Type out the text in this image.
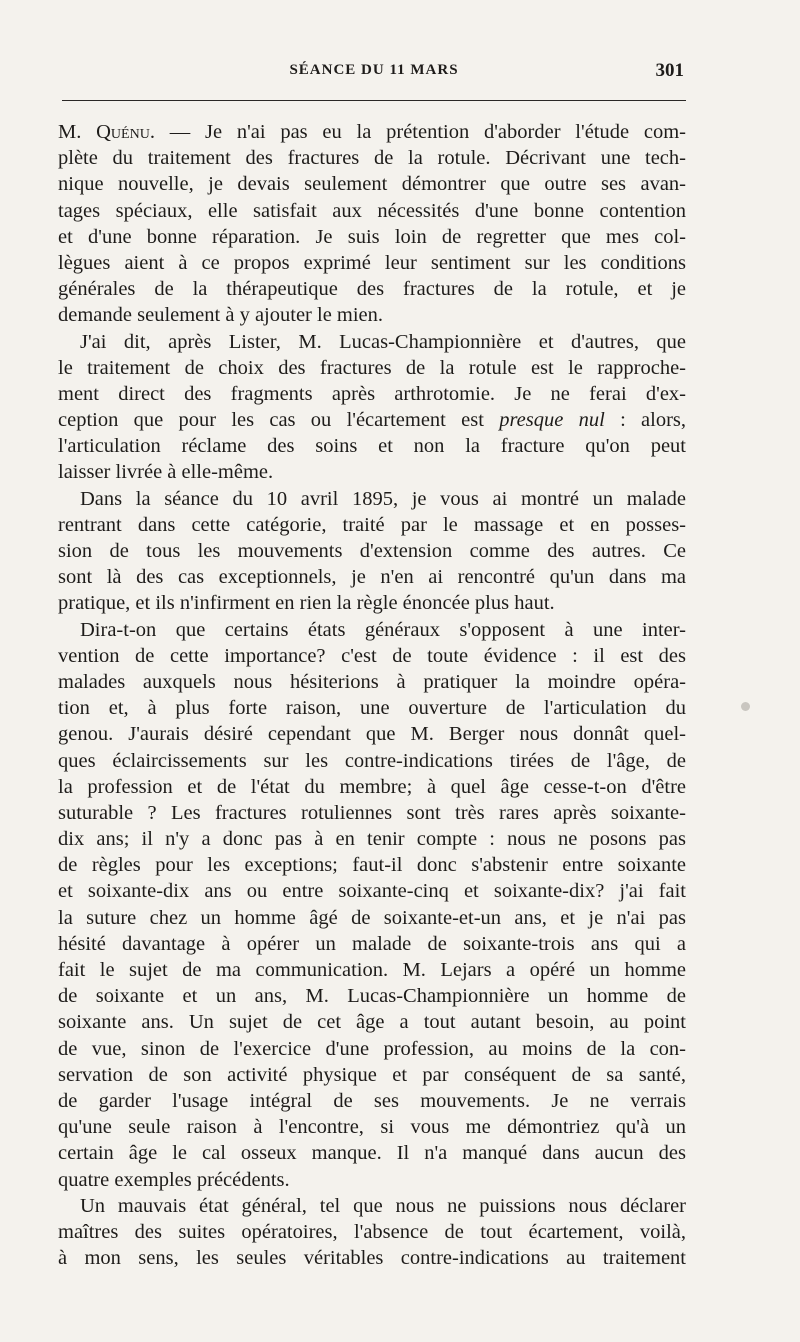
SÉANCE DU 11 MARS	301
M. Quénu. — Je n'ai pas eu la prétention d'aborder l'étude com-
plète du traitement des fractures de la rotule. Décrivant une tech-
nique nouvelle, je devais seulement démontrer que outre ses avan-
tages spéciaux, elle satisfait aux nécessités d'une bonne contention
et d'une bonne réparation. Je suis loin de regretter que mes col-
lègues aient à ce propos exprimé leur sentiment sur les conditions
générales de la thérapeutique des fractures de la rotule, et je
demande seulement à y ajouter le mien.
J'ai dit, après Lister, M. Lucas-Championnière et d'autres, que
le traitement de choix des fractures de la rotule est le rapproche-
ment direct des fragments après arthrotomie. Je ne ferai d'ex-
ception que pour les cas ou l'écartement est presque nul : alors,
l'articulation réclame des soins et non la fracture qu'on peut
laisser livrée à elle-même.
Dans la séance du 10 avril 1895, je vous ai montré un malade
rentrant dans cette catégorie, traité par le massage et en posses-
sion de tous les mouvements d'extension comme des autres. Ce
sont là des cas exceptionnels, je n'en ai rencontré qu'un dans ma
pratique, et ils n'infirment en rien la règle énoncée plus haut.
Dira-t-on que certains états généraux s'opposent à une inter-
vention de cette importance? c'est de toute évidence : il est des
malades auxquels nous hésiterions à pratiquer la moindre opéra-
tion et, à plus forte raison, une ouverture de l'articulation du
genou. J'aurais désiré cependant que M. Berger nous donnât quel-
ques éclaircissements sur les contre-indications tirées de l'âge, de
la profession et de l'état du membre; à quel âge cesse-t-on d'être
suturable ? Les fractures rotuliennes sont très rares après soixante-
dix ans; il n'y a donc pas à en tenir compte : nous ne posons pas
de règles pour les exceptions; faut-il donc s'abstenir entre soixante
et soixante-dix ans ou entre soixante-cinq et soixante-dix? j'ai fait
la suture chez un homme âgé de soixante-et-un ans, et je n'ai pas
hésité davantage à opérer un malade de soixante-trois ans qui a
fait le sujet de ma communication. M. Lejars a opéré un homme
de soixante et un ans, M. Lucas-Championnière un homme de
soixante ans. Un sujet de cet âge a tout autant besoin, au point
de vue, sinon de l'exercice d'une profession, au moins de la con-
servation de son activité physique et par conséquent de sa santé,
de garder l'usage intégral de ses mouvements. Je ne verrais
qu'une seule raison à l'encontre, si vous me démontriez qu'à un
certain âge le cal osseux manque. Il n'a manqué dans aucun des
quatre exemples précédents.
Un mauvais état général, tel que nous ne puissions nous déclarer
maîtres des suites opératoires, l'absence de tout écartement, voilà,
à mon sens, les seules véritables contre-indications au traitement
